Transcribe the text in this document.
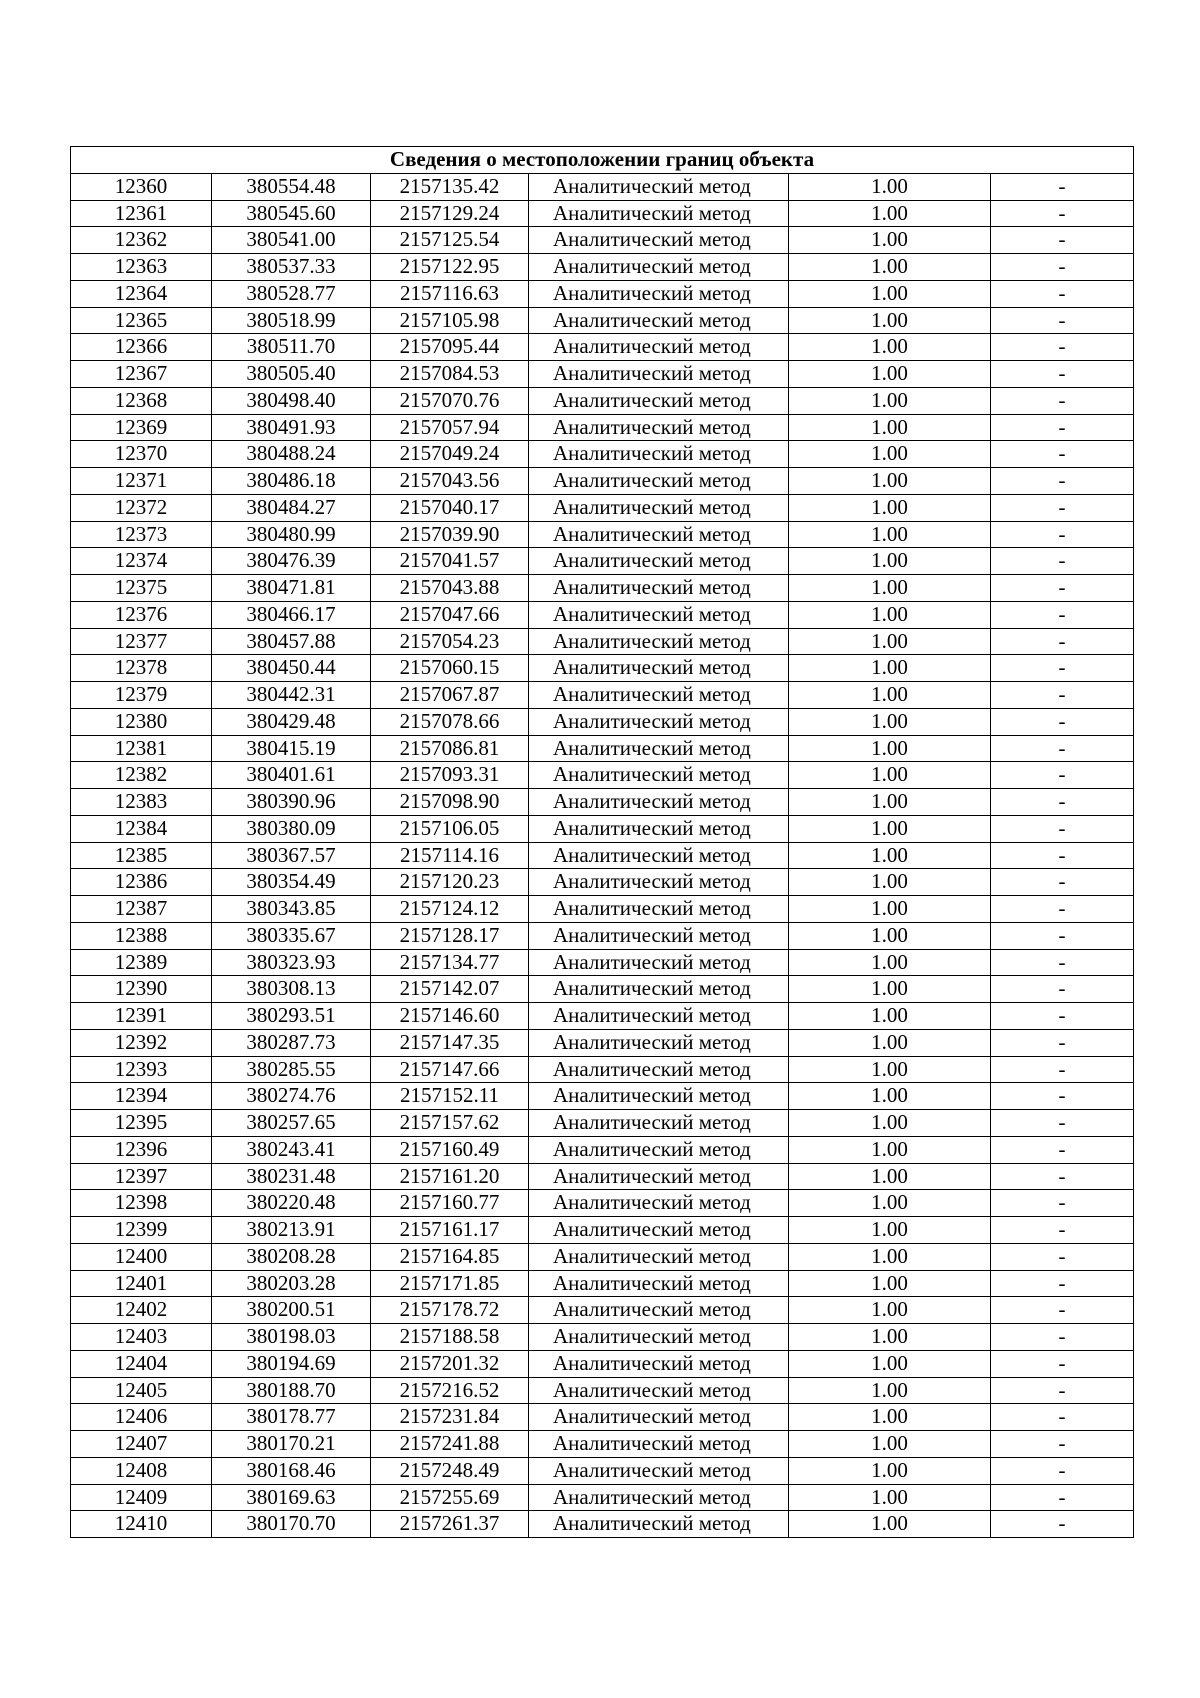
Сведения о местоположении границ объекта					
12360	380554.48	2157135.42	Аналитический метод	1.00	-
12361	380545.60	2157129.24	Аналитический метод	1.00	-
12362	380541.00	2157125.54	Аналитический метод	1.00	-
12363	380537.33	2157122.95	Аналитический метод	1.00	-
12364	380528.77	2157116.63	Аналитический метод	1.00	-
12365	380518.99	2157105.98	Аналитический метод	1.00	-
12366	380511.70	2157095.44	Аналитический метод	1.00	-
12367	380505.40	2157084.53	Аналитический метод	1.00	-
12368	380498.40	2157070.76	Аналитический метод	1.00	-
12369	380491.93	2157057.94	Аналитический метод	1.00	-
12370	380488.24	2157049.24	Аналитический метод	1.00	-
12371	380486.18	2157043.56	Аналитический метод	1.00	-
12372	380484.27	2157040.17	Аналитический метод	1.00	-
12373	380480.99	2157039.90	Аналитический метод	1.00	-
12374	380476.39	2157041.57	Аналитический метод	1.00	-
12375	380471.81	2157043.88	Аналитический метод	1.00	-
12376	380466.17	2157047.66	Аналитический метод	1.00	-
12377	380457.88	2157054.23	Аналитический метод	1.00	-
12378	380450.44	2157060.15	Аналитический метод	1.00	-
12379	380442.31	2157067.87	Аналитический метод	1.00	-
12380	380429.48	2157078.66	Аналитический метод	1.00	-
12381	380415.19	2157086.81	Аналитический метод	1.00	-
12382	380401.61	2157093.31	Аналитический метод	1.00	-
12383	380390.96	2157098.90	Аналитический метод	1.00	-
12384	380380.09	2157106.05	Аналитический метод	1.00	-
12385	380367.57	2157114.16	Аналитический метод	1.00	-
12386	380354.49	2157120.23	Аналитический метод	1.00	-
12387	380343.85	2157124.12	Аналитический метод	1.00	-
12388	380335.67	2157128.17	Аналитический метод	1.00	-
12389	380323.93	2157134.77	Аналитический метод	1.00	-
12390	380308.13	2157142.07	Аналитический метод	1.00	-
12391	380293.51	2157146.60	Аналитический метод	1.00	-
12392	380287.73	2157147.35	Аналитический метод	1.00	-
12393	380285.55	2157147.66	Аналитический метод	1.00	-
12394	380274.76	2157152.11	Аналитический метод	1.00	-
12395	380257.65	2157157.62	Аналитический метод	1.00	-
12396	380243.41	2157160.49	Аналитический метод	1.00	-
12397	380231.48	2157161.20	Аналитический метод	1.00	-
12398	380220.48	2157160.77	Аналитический метод	1.00	-
12399	380213.91	2157161.17	Аналитический метод	1.00	-
12400	380208.28	2157164.85	Аналитический метод	1.00	-
12401	380203.28	2157171.85	Аналитический метод	1.00	-
12402	380200.51	2157178.72	Аналитический метод	1.00	-
12403	380198.03	2157188.58	Аналитический метод	1.00	-
12404	380194.69	2157201.32	Аналитический метод	1.00	-
12405	380188.70	2157216.52	Аналитический метод	1.00	-
12406	380178.77	2157231.84	Аналитический метод	1.00	-
12407	380170.21	2157241.88	Аналитический метод	1.00	-
12408	380168.46	2157248.49	Аналитический метод	1.00	-
12409	380169.63	2157255.69	Аналитический метод	1.00	-
12410	380170.70	2157261.37	Аналитический метод	1.00	-
